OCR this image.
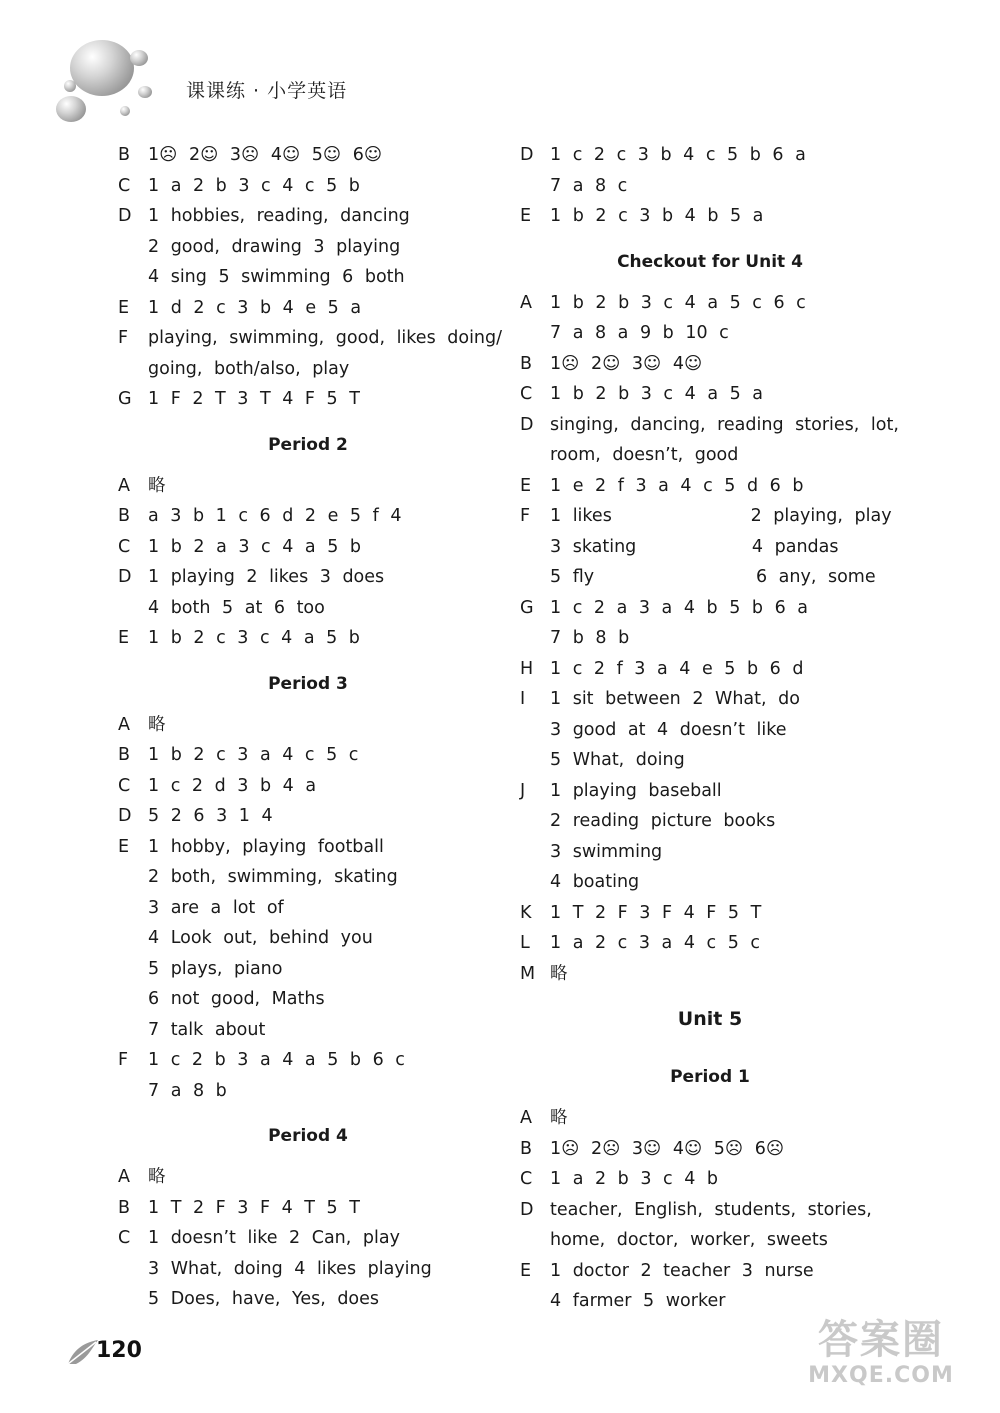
课课练 · 小学英语
B	1☹ 2☺ 3☹ 4☺ 5☺ 6☺
C	1 a 2 b 3 c 4 c 5 b
D 1 hobbies, reading, dancing
2 good, drawing 3 playing
4 sing 5 swimming 6 both
E	1 d 2 c 3 b 4 e 5 a
F	playing, swimming, good, likes doing/
going, both/also, play
G 1 F 2 T 3 T 4 F 5 T
Period 2
A	略
B	a 3 b 1 c 6 d 2 e 5 f 4
C	1 b 2 a 3 c 4 a 5 b
D 1 playing 2 likes 3 does
4 both 5 at 6 too
E	1 b 2 c 3 c 4 a 5 b
Period 3
A	略
B	1 b 2 c 3 a 4 c 5 c
C	1 c 2 d 3 b 4 a
D 5 2 6 3 1 4
E	1 hobby, playing football
2 both, swimming, skating
3 are a lot of
4 Look out, behind you
5 plays, piano
6 not good, Maths
7 talk about
F	1 c 2 b 3 a 4 a 5 b 6 c
7 a 8 b
Period 4
A	略
B	1 T 2 F 3 F 4 T 5 T
C	1 doesn’t like 2 Can, play
3 What, doing 4 likes playing
5 Does, have, Yes, does
D 1 c 2 c 3 b 4 c 5 b 6 a
7 a 8 c
E	1 b 2 c 3 b 4 b 5 a
Checkout for Unit 4
A	1 b 2 b 3 c 4 a 5 c 6 c
7 a 8 a 9 b 10 c
B	1☹ 2☺ 3☺ 4☺
C	1 b 2 b 3 c 4 a 5 a
D singing, dancing, reading stories, lot,
room, doesn’t, good
E	1 e 2 f 3 a 4 c 5 d 6 b
F	1 likes            2 playing, play
3 skating          4 pandas
5 fly              6 any, some
G 1 c 2 a 3 a 4 b 5 b 6 a
7 b 8 b
H 1 c 2 f 3 a 4 e 5 b 6 d
I	1 sit between 2 What, do
3 good at 4 doesn’t like
5 What, doing
J	1 playing baseball
2 reading picture books
3 swimming
4 boating
K	1 T 2 F 3 F 4 F 5 T
L	1 a 2 c 3 a 4 c 5 c
M 略
Unit 5
Period 1
A	略
B	1☹ 2☹ 3☺ 4☺ 5☹ 6☹
C	1 a 2 b 3 c 4 b
D teacher, English, students, stories,
home, doctor, worker, sweets
E	1 doctor 2 teacher 3 nurse
4 farmer 5 worker
120	答案圈
MXQE.COM
